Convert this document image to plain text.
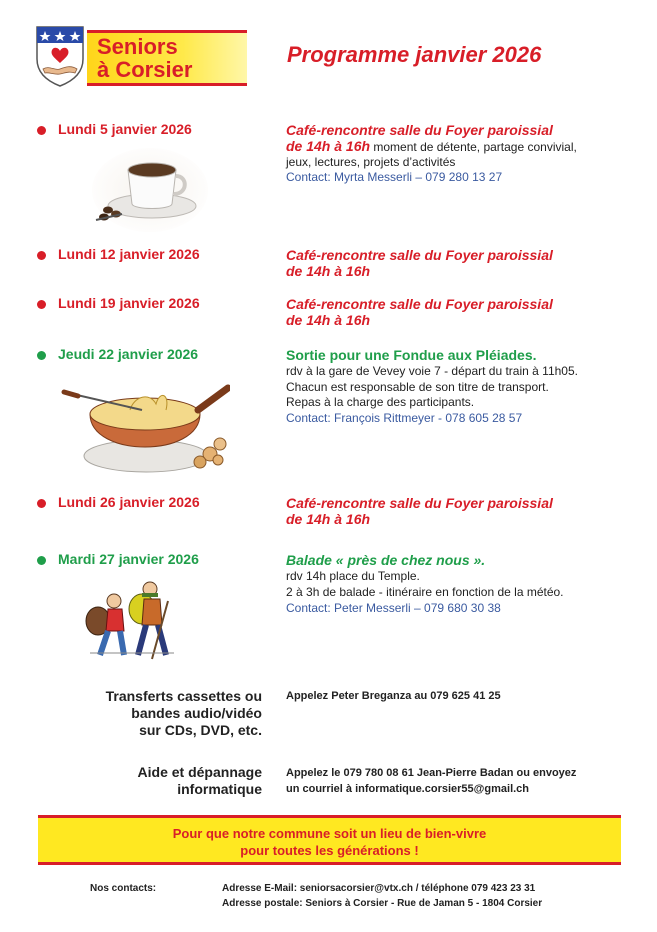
Seniors
à Corsier
Programme janvier 2026
Lundi 5 janvier 2026	Café-rencontre salle du Foyer paroissial
de 14h à 16h moment de détente, partage convivial,
jeux, lectures, projets d’activités
Contact: Myrta Messerli – 079 280 13 27
Lundi 12 janvier 2026	Café-rencontre salle du Foyer paroissial
de 14h à 16h
Lundi 19 janvier 2026	Café-rencontre salle du Foyer paroissial
de 14h à 16h
Jeudi 22 janvier 2026	Sortie pour une Fondue aux Pléiades.
rdv à la gare de Vevey voie 7 - départ du train à 11h05.
Chacun est responsable de son titre de transport.
Repas à la charge des participants.
Contact: François Rittmeyer - 078 605 28 57
Lundi 26 janvier 2026	Café-rencontre salle du Foyer paroissial
de 14h à 16h
Mardi 27 janvier 2026	Balade « près de chez nous ».
rdv 14h place du Temple.
2 à 3h de balade - itinéraire en fonction de la météo.
Contact: Peter Messerli – 079 680 30 38
Transferts cassettes ou
bandes audio/vidéo
sur CDs, DVD, etc.
Appelez Peter Breganza au 079 625 41 25
Aide et dépannage
informatique
Appelez le 079 780 08 61 Jean-Pierre Badan ou envoyez
un courriel à informatique.corsier55@gmail.ch
Pour que notre commune soit un lieu de bien-vivre
pour toutes les générations !
Nos contacts:	Adresse E-Mail: seniorsacorsier@vtx.ch / téléphone 079 423 23 31
Adresse postale: Seniors à Corsier - Rue de Jaman 5 - 1804 Corsier
